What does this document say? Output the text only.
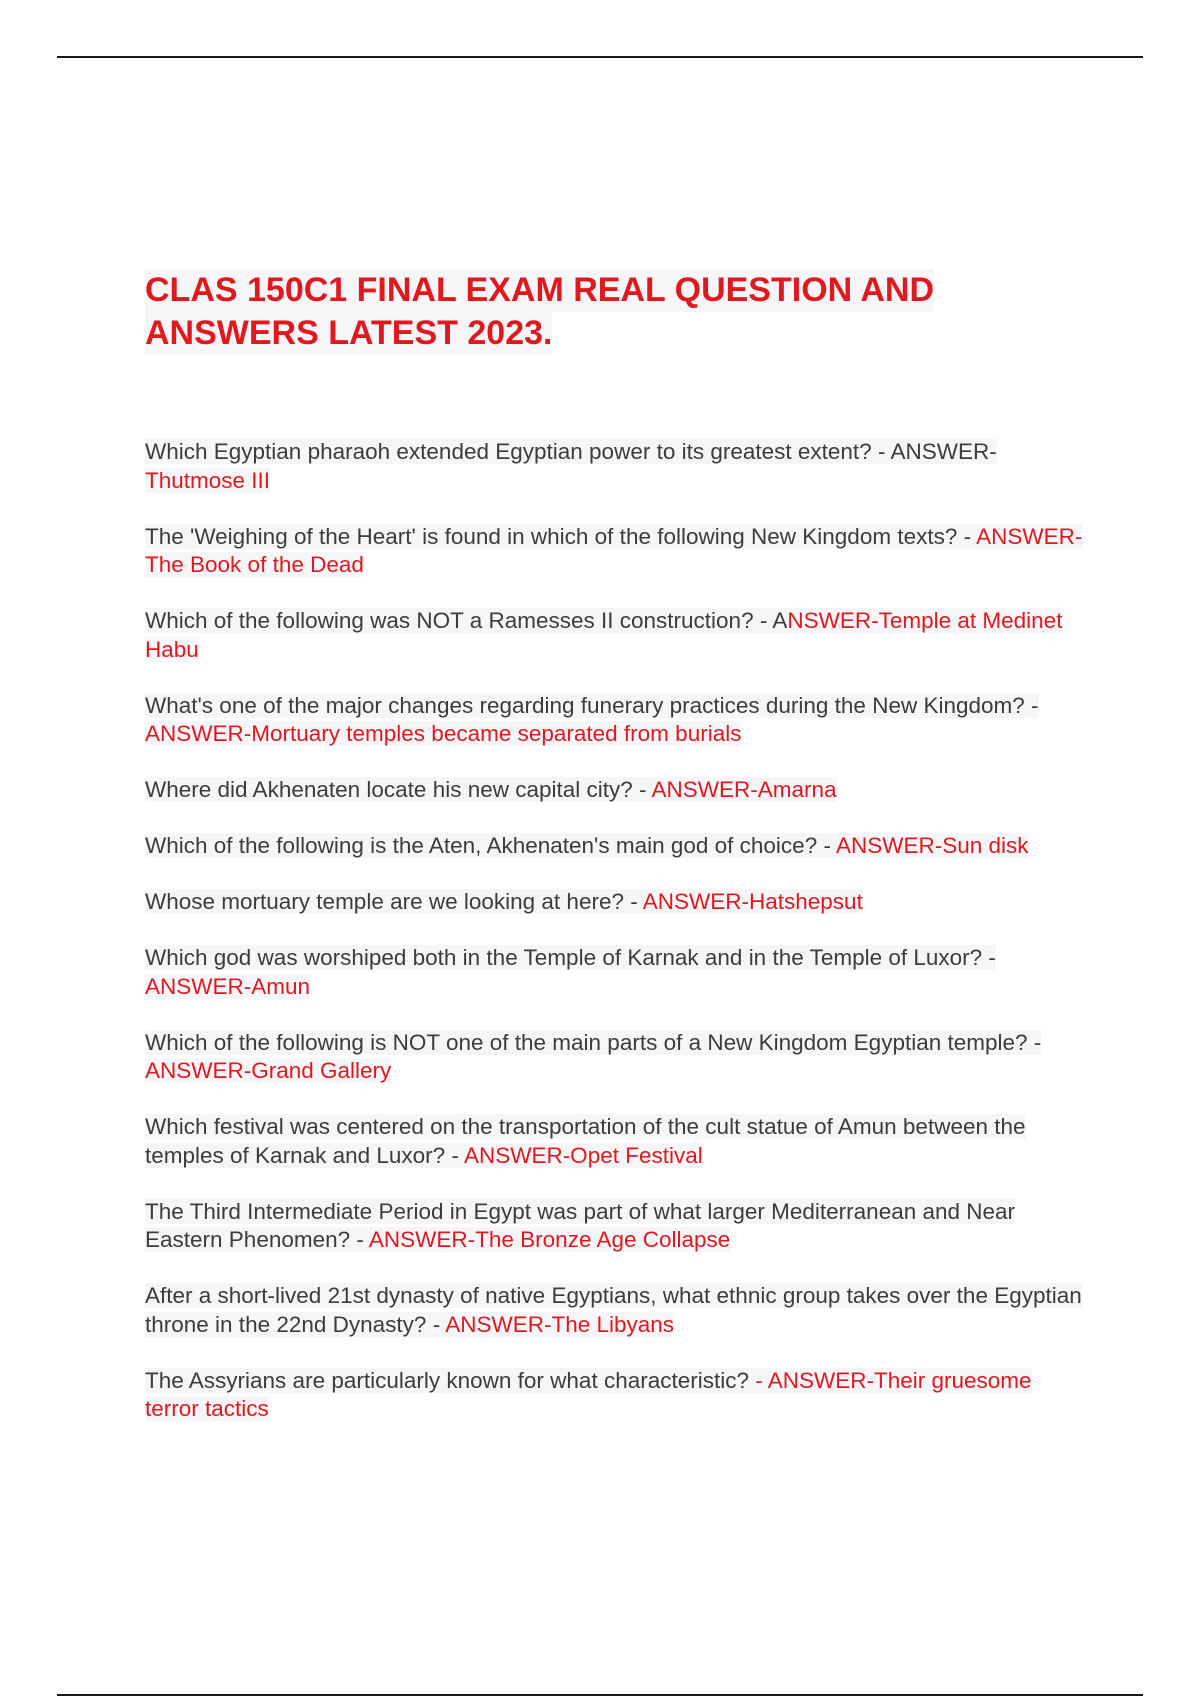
CLAS 150C1 FINAL EXAM REAL QUESTION AND
ANSWERS LATEST 2023.
Which Egyptian pharaoh extended Egyptian power to its greatest extent? - ANSWER-Thutmose III
The 'Weighing of the Heart' is found in which of the following New Kingdom texts? - ANSWER-The Book of the Dead
Which of the following was NOT a Ramesses II construction? - ANSWER-Temple at Medinet Habu
What's one of the major changes regarding funerary practices during the New Kingdom? - ANSWER-Mortuary temples became separated from burials
Where did Akhenaten locate his new capital city? - ANSWER-Amarna
Which of the following is the Aten, Akhenaten's main god of choice? - ANSWER-Sun disk
Whose mortuary temple are we looking at here? - ANSWER-Hatshepsut
Which god was worshiped both in the Temple of Karnak and in the Temple of Luxor? - ANSWER-Amun
Which of the following is NOT one of the main parts of a New Kingdom Egyptian temple? - ANSWER-Grand Gallery
Which festival was centered on the transportation of the cult statue of Amun between the temples of Karnak and Luxor? - ANSWER-Opet Festival
The Third Intermediate Period in Egypt was part of what larger Mediterranean and Near Eastern Phenomen? - ANSWER-The Bronze Age Collapse
After a short-lived 21st dynasty of native Egyptians, what ethnic group takes over the Egyptian throne in the 22nd Dynasty? - ANSWER-The Libyans
The Assyrians are particularly known for what characteristic? - ANSWER-Their gruesome terror tactics
